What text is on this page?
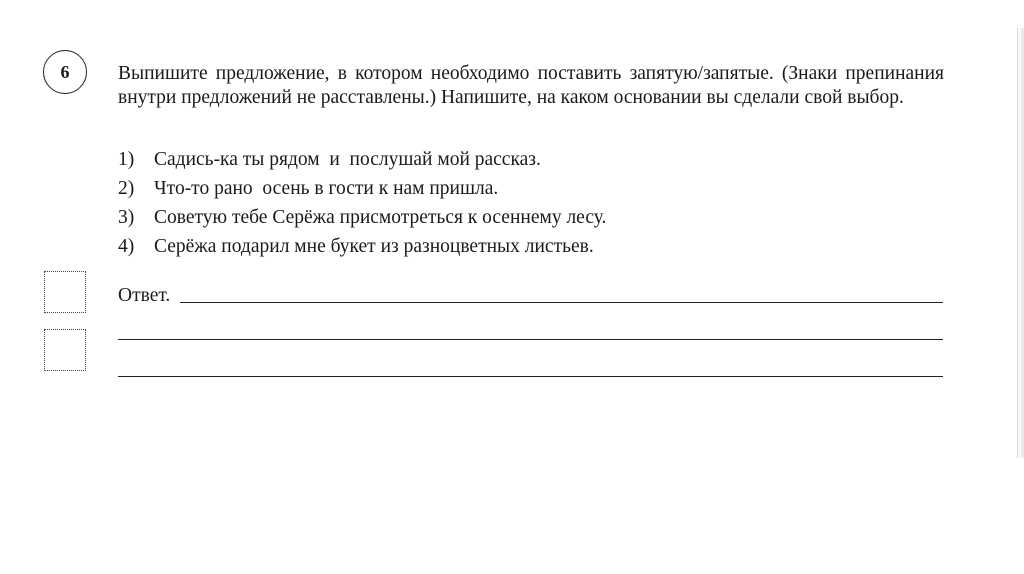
6	Выпишите предложение, в котором необходимо поставить запятую/запятые. (Знаки препинания внутри предложений не расставлены.) Напишите, на каком основании вы сделали свой выбор.

1) Садись-ка ты рядом  и  послушай мой рассказ.
2) Что-то рано  осень в гости к нам пришла.
3) Советую тебе Серёжа присмотреться к осеннему лесу.
4) Серёжа подарил мне букет из разноцветных листьев.
Ответ.
